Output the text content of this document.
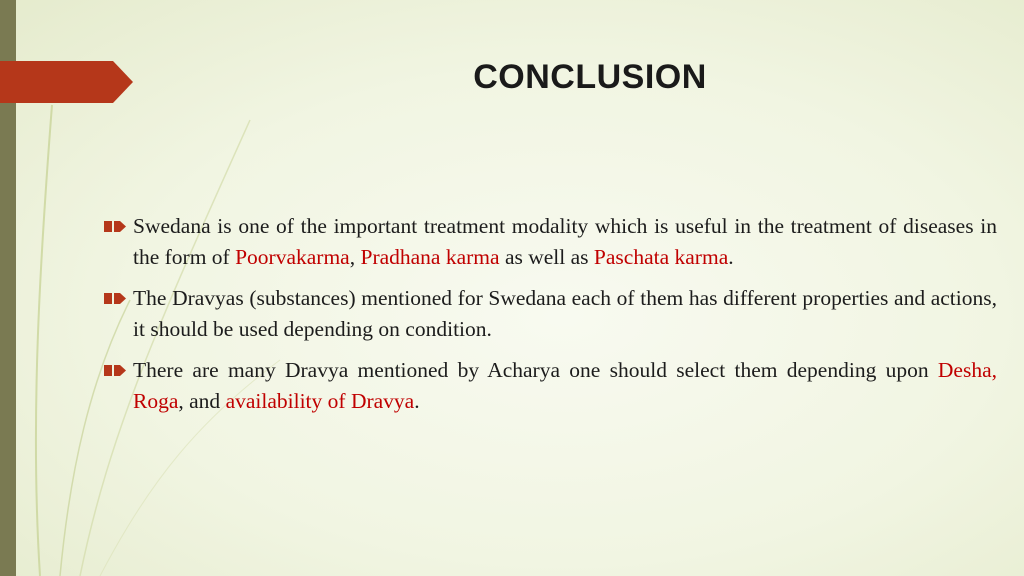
CONCLUSION
Swedana is one of the important treatment modality which is useful in the treatment of diseases in the form of Poorvakarma, Pradhana karma as well as Paschata karma.
The Dravyas (substances) mentioned for Swedana each of them has different properties and actions, it should be used depending on condition.
There are many Dravya mentioned by Acharya one should select them depending upon Desha, Roga, and availability of Dravya.
